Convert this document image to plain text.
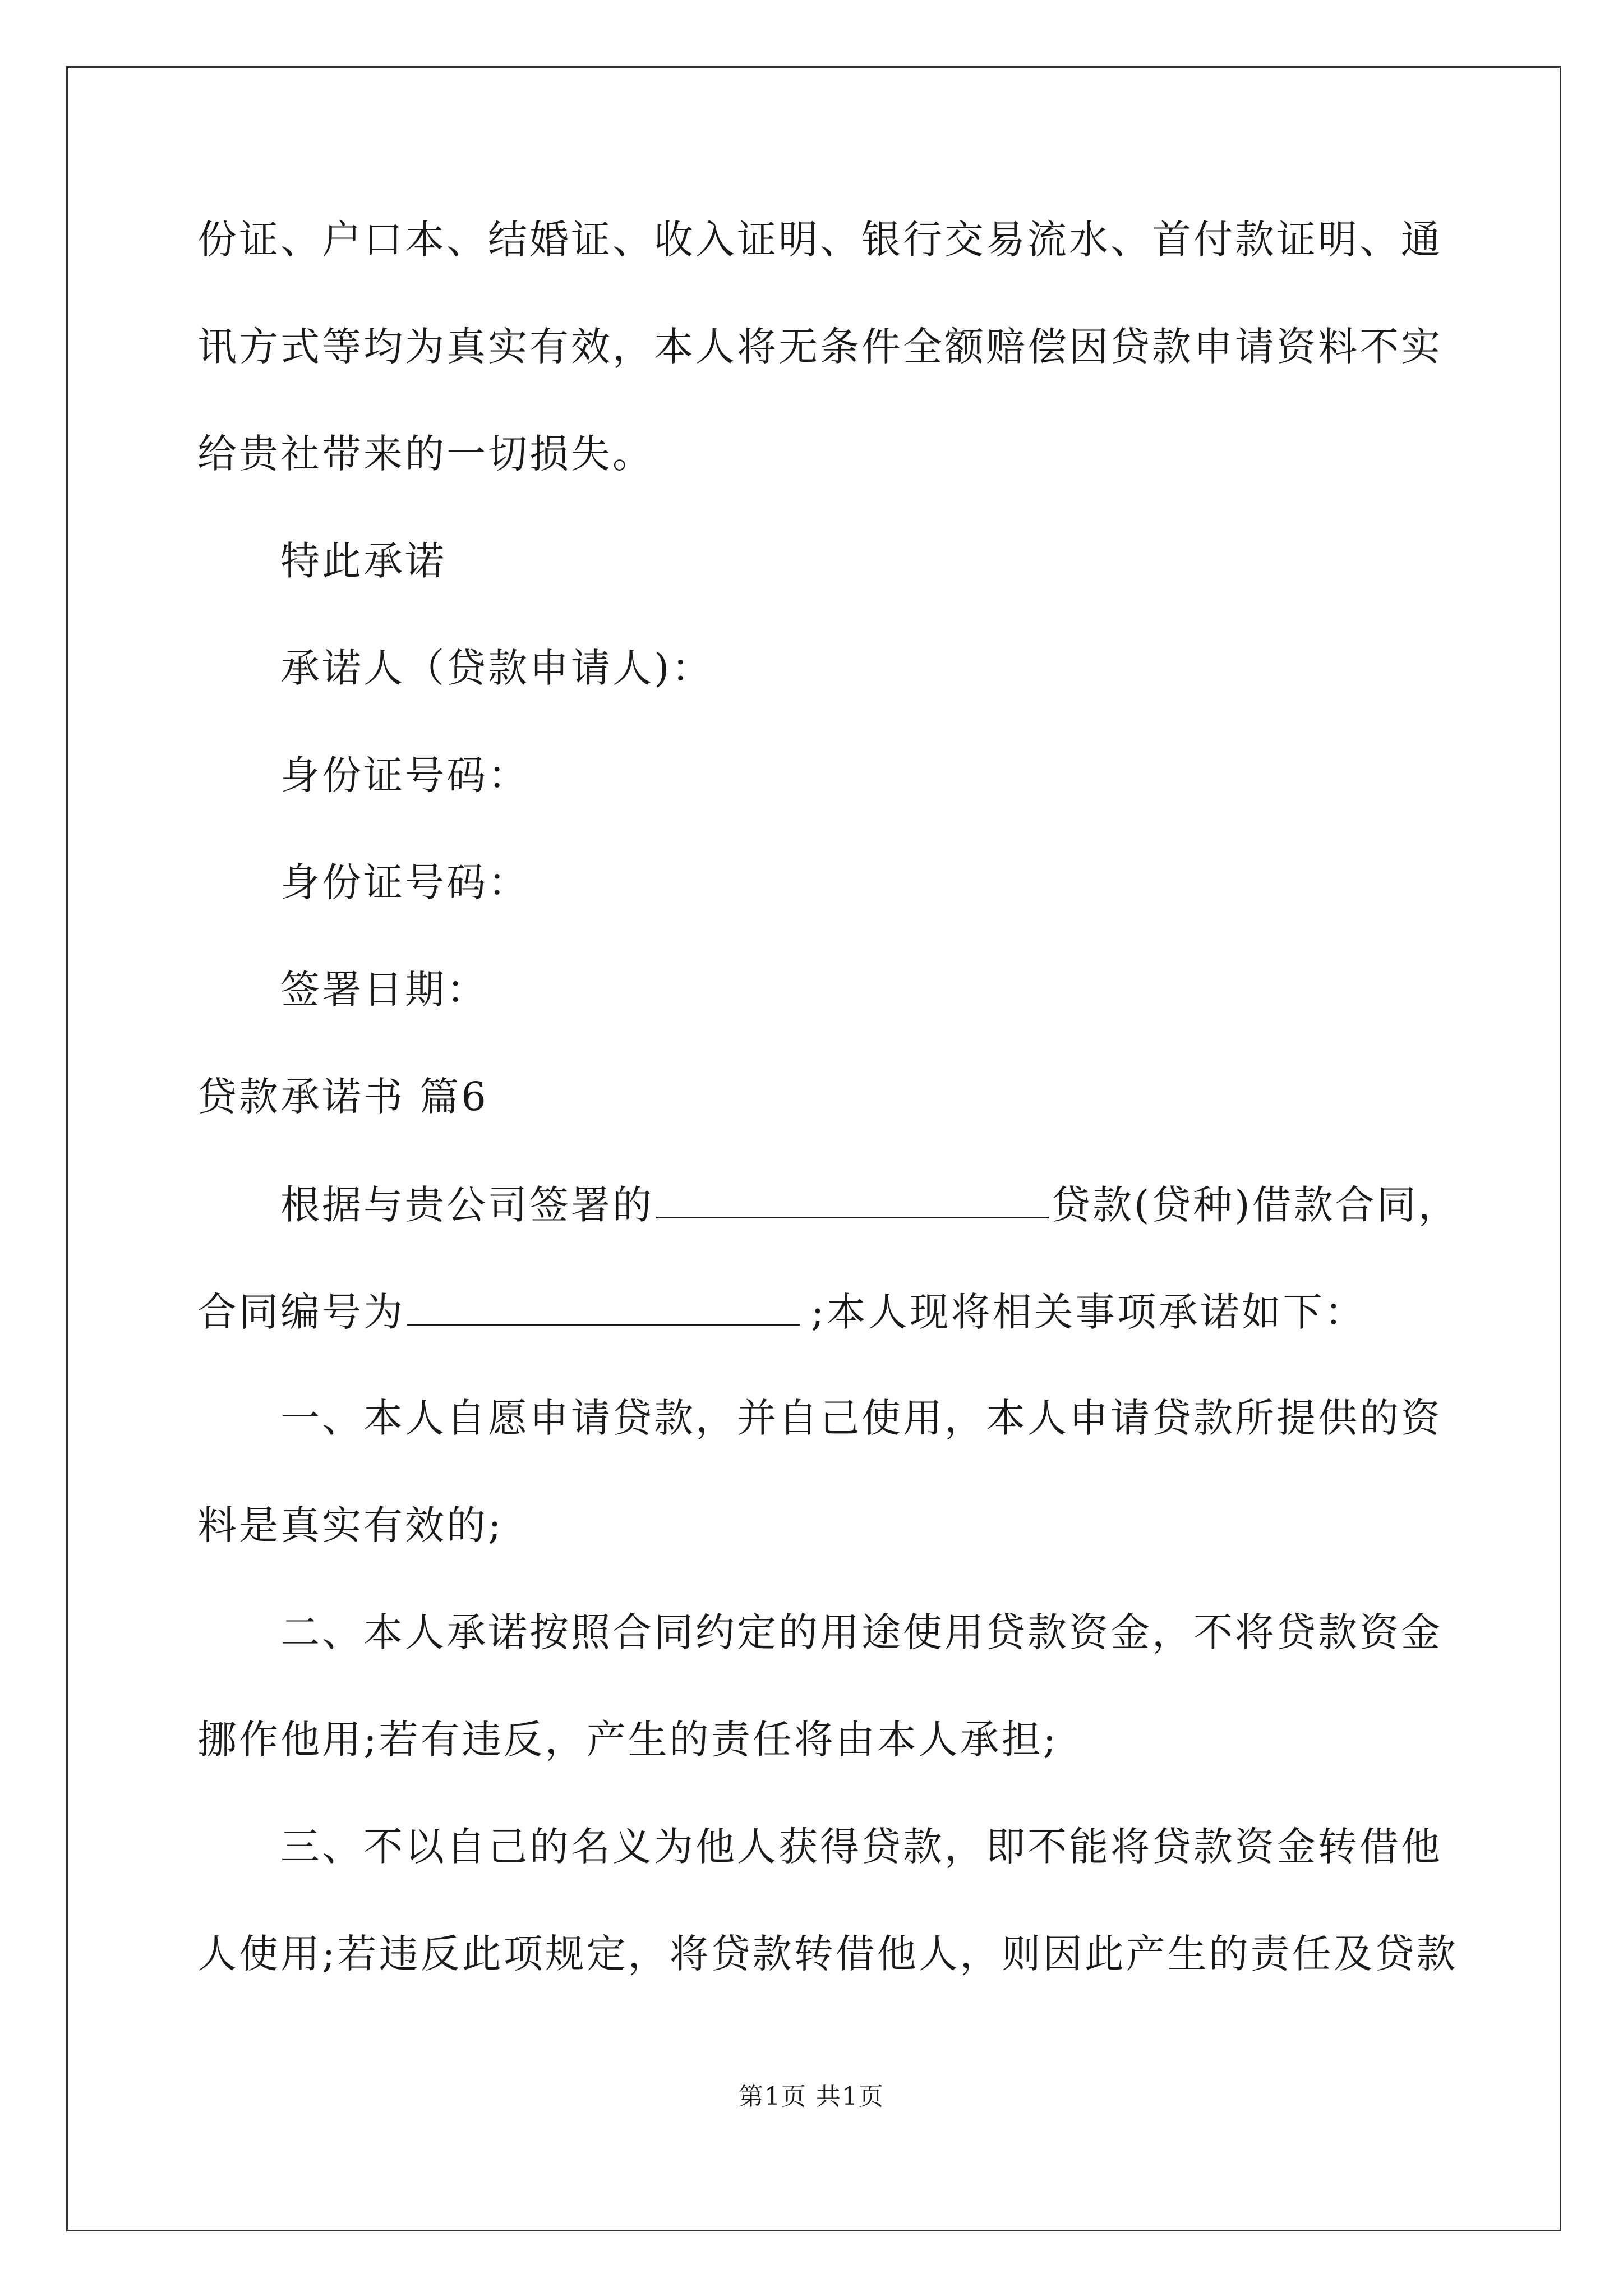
份证、户口本、结婚证、收入证明、银行交易流水、首付款证明、通
讯方式等均为真实有效，本人将无条件全额赔偿因贷款申请资料不实
给贵社带来的一切损失。
特此承诺
承诺人（贷款申请人)：
身份证号码：
身份证号码：
签署日期：
贷款承诺书 篇6
根据与贵公司签署的	贷款(贷种)借款合同，
合同编号为	;本人现将相关事项承诺如下：
一、本人自愿申请贷款，并自己使用，本人申请贷款所提供的资
料是真实有效的;
二、本人承诺按照合同约定的用途使用贷款资金，不将贷款资金
挪作他用;若有违反，产生的责任将由本人承担;
三、不以自己的名义为他人获得贷款，即不能将贷款资金转借他
人使用;若违反此项规定，将贷款转借他人，则因此产生的责任及贷款
第1页 共1页
